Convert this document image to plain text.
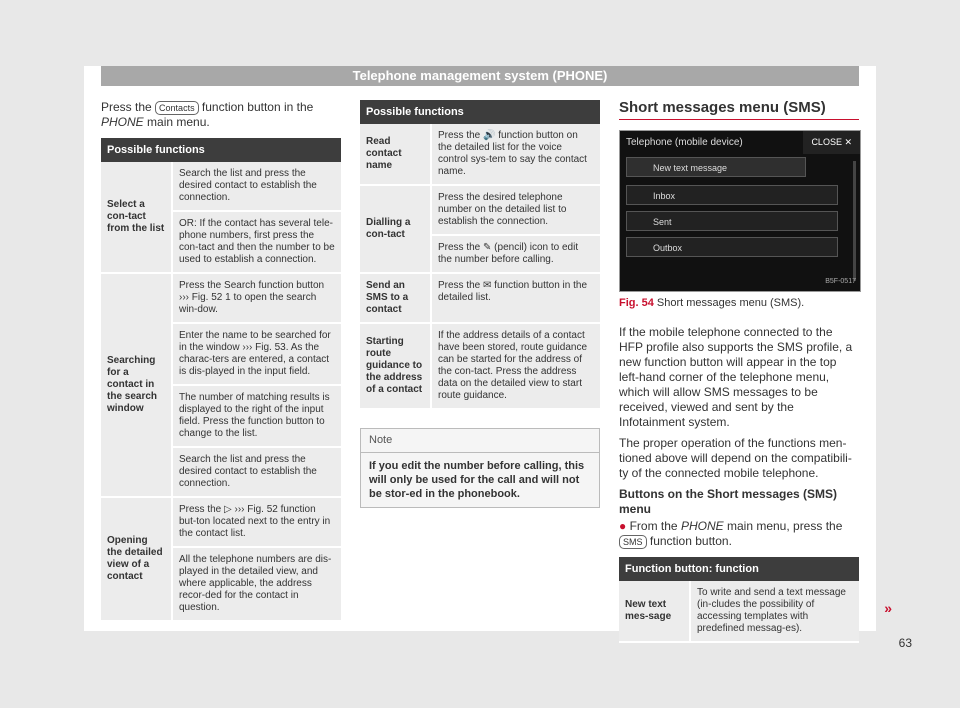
Telephone management system (PHONE)
Press the Contacts function button in the PHONE main menu.
Possible functions	
Select a con-tact from the list	Search the list and press the desired contact to establish the connection.
	OR: If the contact has several tele-phone numbers, first press the con-tact and then the number to be used to establish a connection.
Searching for a contact in the search window	Press the Search function button ››› Fig. 52 1 to open the search win-dow.
	Enter the name to be searched for in the window ››› Fig. 53. As the charac-ters are entered, a contact is dis-played in the input field.
	The number of matching results is displayed to the right of the input field. Press the function button to change to the list.
	Search the list and press the desired contact to establish the connection.
Opening the detailed view of a contact	Press the ▷ ››› Fig. 52 function but-ton located next to the entry in the contact list.
	All the telephone numbers are dis-played in the detailed view, and where applicable, the address recor-ded for the contact in question.
Possible functions	
Read contact name	Press the 🔊 function button on the detailed list for the voice control sys-tem to say the contact name.
Dialling a con-tact	Press the desired telephone number on the detailed list to establish the connection.
	Press the ✎ (pencil) icon to edit the number before calling.
Send an SMS to a contact	Press the ✉ function button in the detailed list.
Starting route guidance to the address of a contact	If the address details of a contact have been stored, route guidance can be started for the address of the con-tact. Press the address data on the detailed view to start route guidance.
Note
If you edit the number before calling, this will only be used for the call and will not be stor-ed in the phonebook.
Short messages menu (SMS)
Telephone (mobile device)	CLOSE ✕
New text message
Inbox
Sent
Outbox
B5F-0517
Fig. 54 Short messages menu (SMS).

If the mobile telephone connected to the HFP profile also supports the SMS profile, a new function button will appear in the top left-hand corner of the telephone menu, which will allow SMS messages to be received, viewed and sent by the Infotainment system.

The proper operation of the functions men-tioned above will depend on the compatibili-ty of the connected mobile telephone.

Buttons on the Short messages (SMS) menu
● From the PHONE main menu, press the SMS function button.
Function button: function
New text mes-sage	To write and send a text message (in-cludes the possibility of accessing templates with predefined messag-es).
»
63
